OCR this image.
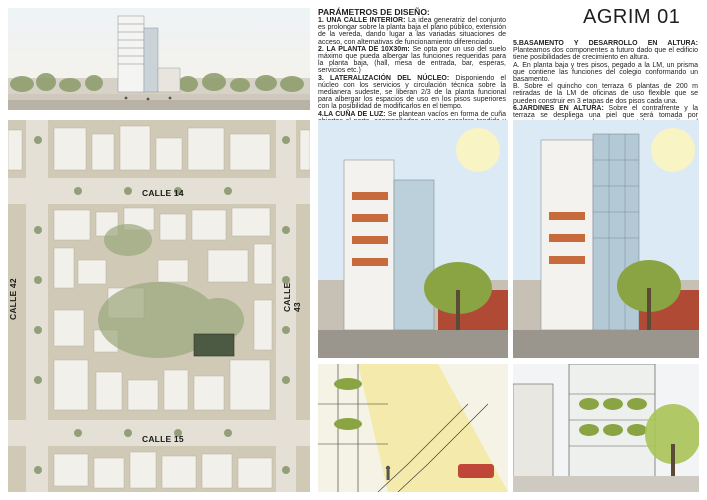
AGRIM 01
PARÁMETROS DE DISEÑO:
1. UNA CALLE INTERIOR: La idea generatriz del conjunto es prolongar sobre la planta baja el plano público, extensión de la vereda, dando lugar a las variadas situaciones de acceso, con alternativas de funcionamiento diferenciado.
2. LA PLANTA DE 10X30m: Se opta por un uso del suelo máximo que pueda albergar las funciones requeridas para la planta baja, (hall, mesa de entrada, bar, esperas, servicios etc.)
3. LATERALIZACIÓN DEL NÚCLEO: Disponiendo el núcleo con los servicios y circulación técnica sobre la medianera sudeste, se liberan 2/3 de la planta funcional para albergar los espacios de uso en los pisos superiores con la posibilidad de modificarlos en el tiempo.
4.LA CUÑA DE LUZ: Se plantean vacíos en forma de cuña
5.BASAMENTO Y DESARROLLO EN ALTURA: Planteamos dos componentes a futuro dado que el edificio tiene posibilidades de crecimiento en altura.
A. En planta baja y tres pisos, pegado a la LM, un prisma que contiene las funciones del colegio conformando un basamento.
B. Sobre el quincho con terraza 6 plantas de 200 m retiradas de la LM de oficinas de uso flexible que se pueden construir en 3 etapas de dos pisos cada una.
6.JARDINES EN ALTURA: Sobre el contrafrente y la terraza se despliega una piel que será tomada por
CALLE 14
CALLE 15
CALLE 42	CALLE 43
